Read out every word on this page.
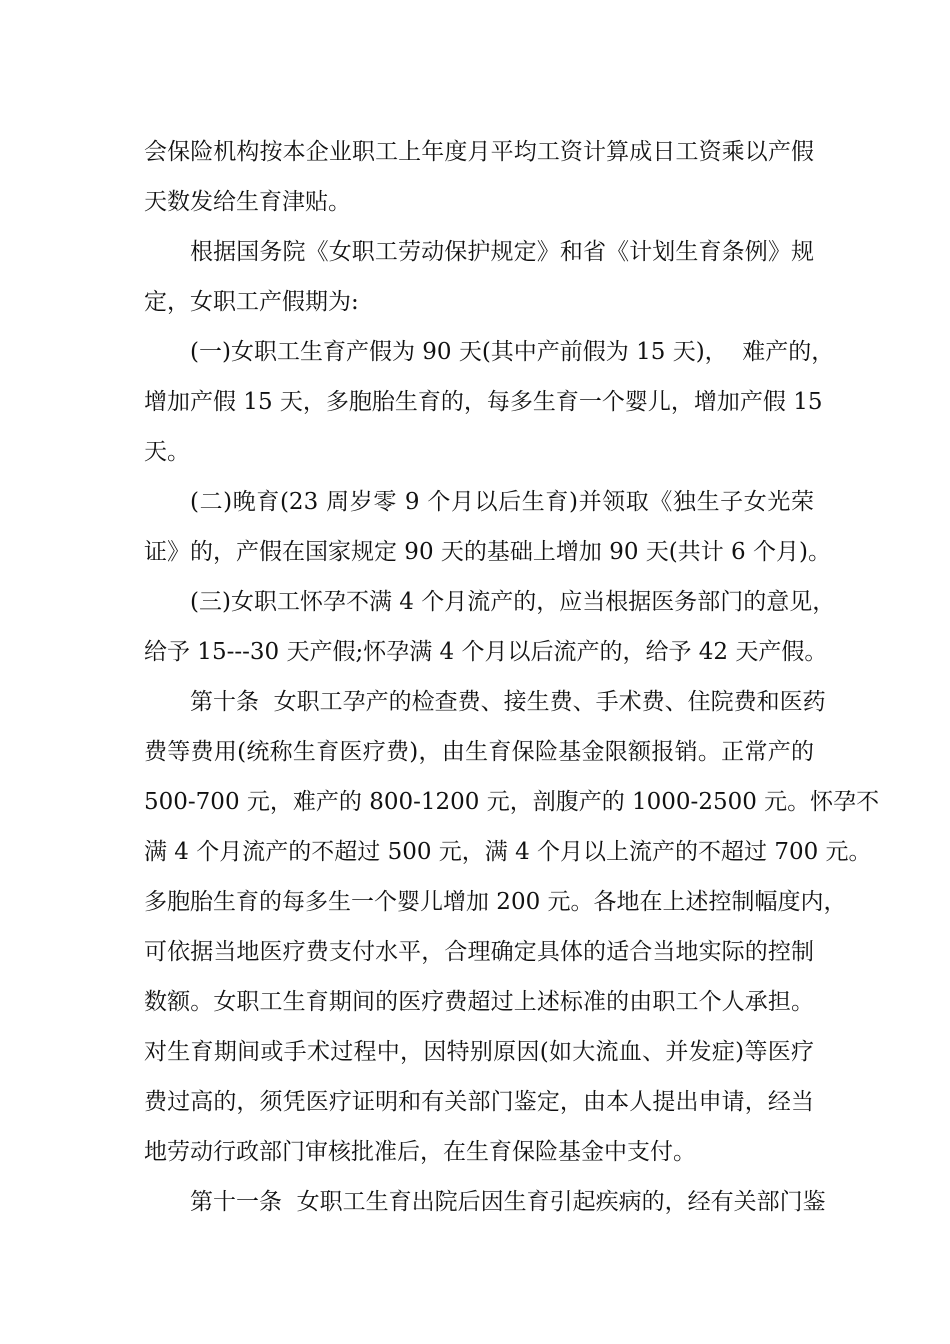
会保险机构按本企业职工上年度月平均工资计算成日工资乘以产假
天数发给生育津贴。
根据国务院《女职工劳动保护规定》和省《计划生育条例》规
定，女职工产假期为:
(一)女职工生育产假为 90 天(其中产前假为 15 天)，  难产的，
增加产假 15 天，多胞胎生育的，每多生育一个婴儿，增加产假 15
天。
(二)晚育(23 周岁零 9 个月以后生育)并领取《独生子女光荣
证》的，产假在国家规定 90 天的基础上增加 90 天(共计 6 个月)。
(三)女职工怀孕不满 4 个月流产的，应当根据医务部门的意见，
给予 15---30 天产假;怀孕满 4 个月以后流产的，给予 42 天产假。
第十条  女职工孕产的检查费、接生费、手术费、住院费和医药
费等费用(统称生育医疗费)，由生育保险基金限额报销。正常产的
500-700 元，难产的 800-1200 元，剖腹产的 1000-2500 元。怀孕不
满 4 个月流产的不超过 500 元，满 4 个月以上流产的不超过 700 元。
多胞胎生育的每多生一个婴儿增加 200 元。各地在上述控制幅度内，
可依据当地医疗费支付水平，合理确定具体的适合当地实际的控制
数额。女职工生育期间的医疗费超过上述标准的由职工个人承担。
对生育期间或手术过程中，因特别原因(如大流血、并发症)等医疗
费过高的，须凭医疗证明和有关部门鉴定，由本人提出申请，经当
地劳动行政部门审核批准后，在生育保险基金中支付。
第十一条  女职工生育出院后因生育引起疾病的，经有关部门鉴
